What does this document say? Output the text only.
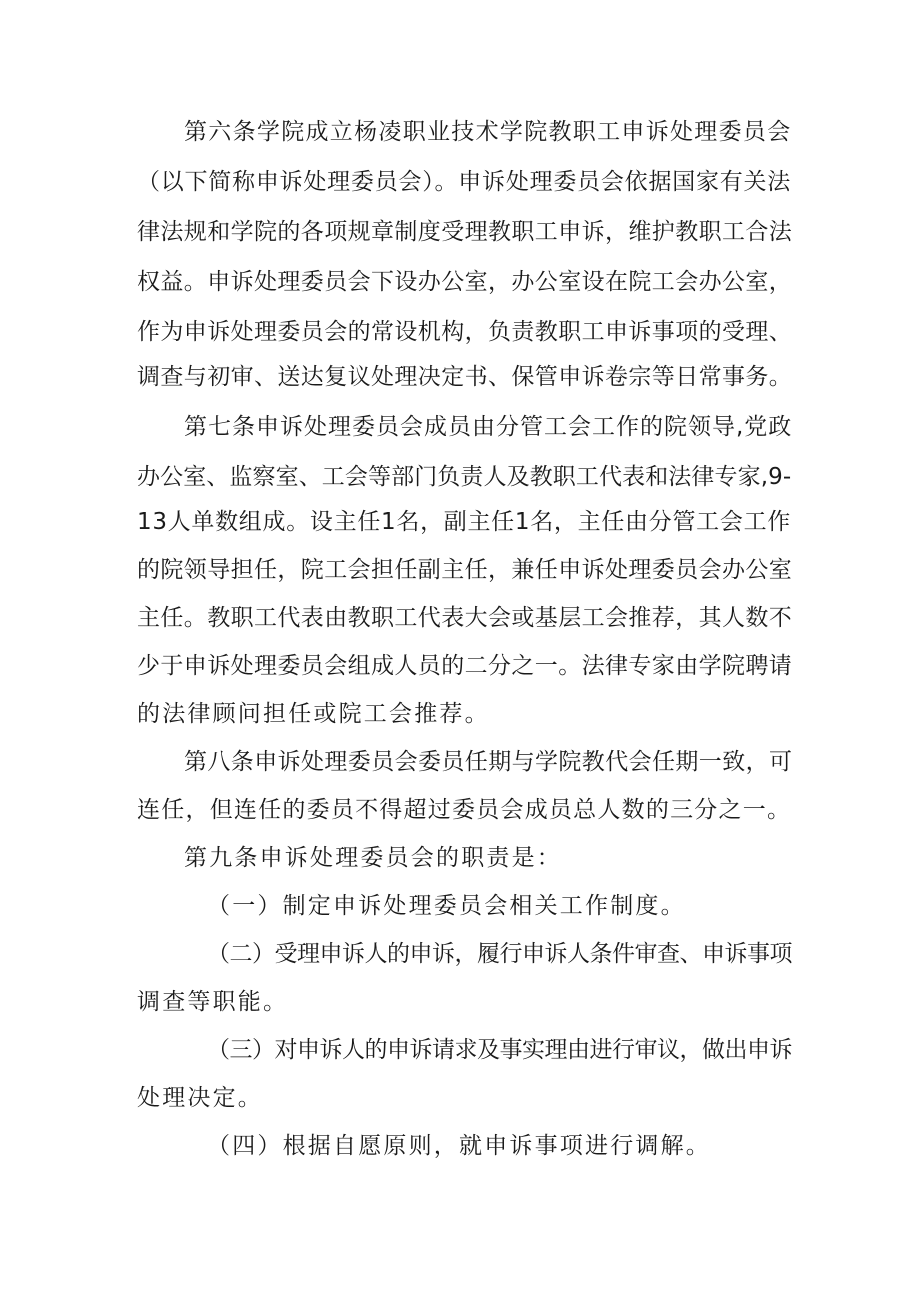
第六条学院成立杨凌职业技术学院教职工申诉处理委员会
（以下简称申诉处理委员会）。申诉处理委员会依据国家有关法
律法规和学院的各项规章制度受理教职工申诉，维护教职工合法
权益。申诉处理委员会下设办公室，办公室设在院工会办公室，
作为申诉处理委员会的常设机构，负责教职工申诉事项的受理、
调查与初审、送达复议处理决定书、保管申诉卷宗等日常事务。
第七条申诉处理委员会成员由分管工会工作的院领导,党政
办公室、监察室、工会等部门负责人及教职工代表和法律专家,9-
13人单数组成。设主任1名，副主任1名，主任由分管工会工作
的院领导担任，院工会担任副主任，兼任申诉处理委员会办公室
主任。教职工代表由教职工代表大会或基层工会推荐，其人数不
少于申诉处理委员会组成人员的二分之一。法律专家由学院聘请
的法律顾问担任或院工会推荐。
第八条申诉处理委员会委员任期与学院教代会任期一致，可
连任，但连任的委员不得超过委员会成员总人数的三分之一。
第九条申诉处理委员会的职责是：
（一）制定申诉处理委员会相关工作制度。
（二）受理申诉人的申诉，履行申诉人条件审查、申诉事项
调查等职能。
（三）对申诉人的申诉请求及事实理由进行审议，做出申诉
处理决定。
（四）根据自愿原则，就申诉事项进行调解。
